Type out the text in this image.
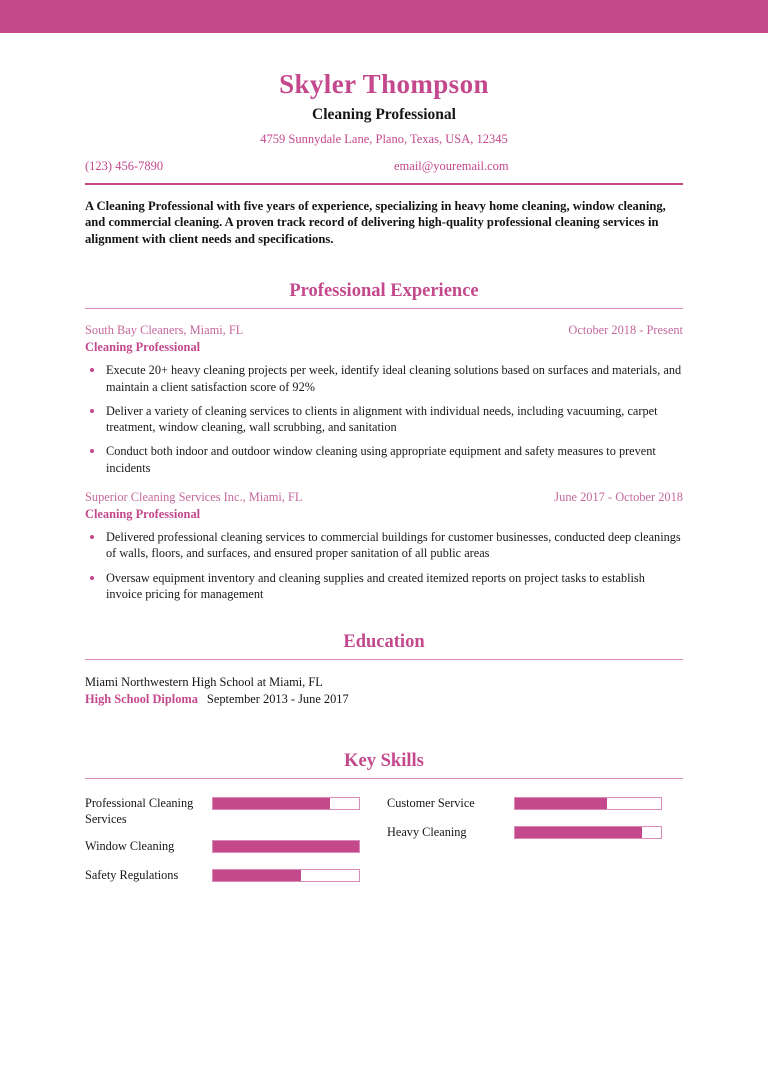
Skyler Thompson
Cleaning Professional
4759 Sunnydale Lane, Plano, Texas, USA, 12345
(123) 456-7890	email@youremail.com
A Cleaning Professional with five years of experience, specializing in heavy home cleaning, window cleaning, and commercial cleaning. A proven track record of delivering high-quality professional cleaning services in alignment with client needs and specifications.
Professional Experience
South Bay Cleaners, Miami, FL	October 2018 - Present
Cleaning Professional
Execute 20+ heavy cleaning projects per week, identify ideal cleaning solutions based on surfaces and materials, and maintain a client satisfaction score of 92%
Deliver a variety of cleaning services to clients in alignment with individual needs, including vacuuming, carpet treatment, window cleaning, wall scrubbing, and sanitation
Conduct both indoor and outdoor window cleaning using appropriate equipment and safety measures to prevent incidents
Superior Cleaning Services Inc., Miami, FL	June 2017 - October 2018
Cleaning Professional
Delivered professional cleaning services to commercial buildings for customer businesses, conducted deep cleanings of walls, floors, and surfaces, and ensured proper sanitation of all public areas
Oversaw equipment inventory and cleaning supplies and created itemized reports on project tasks to establish invoice pricing for management
Education
Miami Northwestern High School at Miami, FL
High School Diploma September 2013 - June 2017
Key Skills
Professional Cleaning Services
Window Cleaning
Safety Regulations
Customer Service
Heavy Cleaning
